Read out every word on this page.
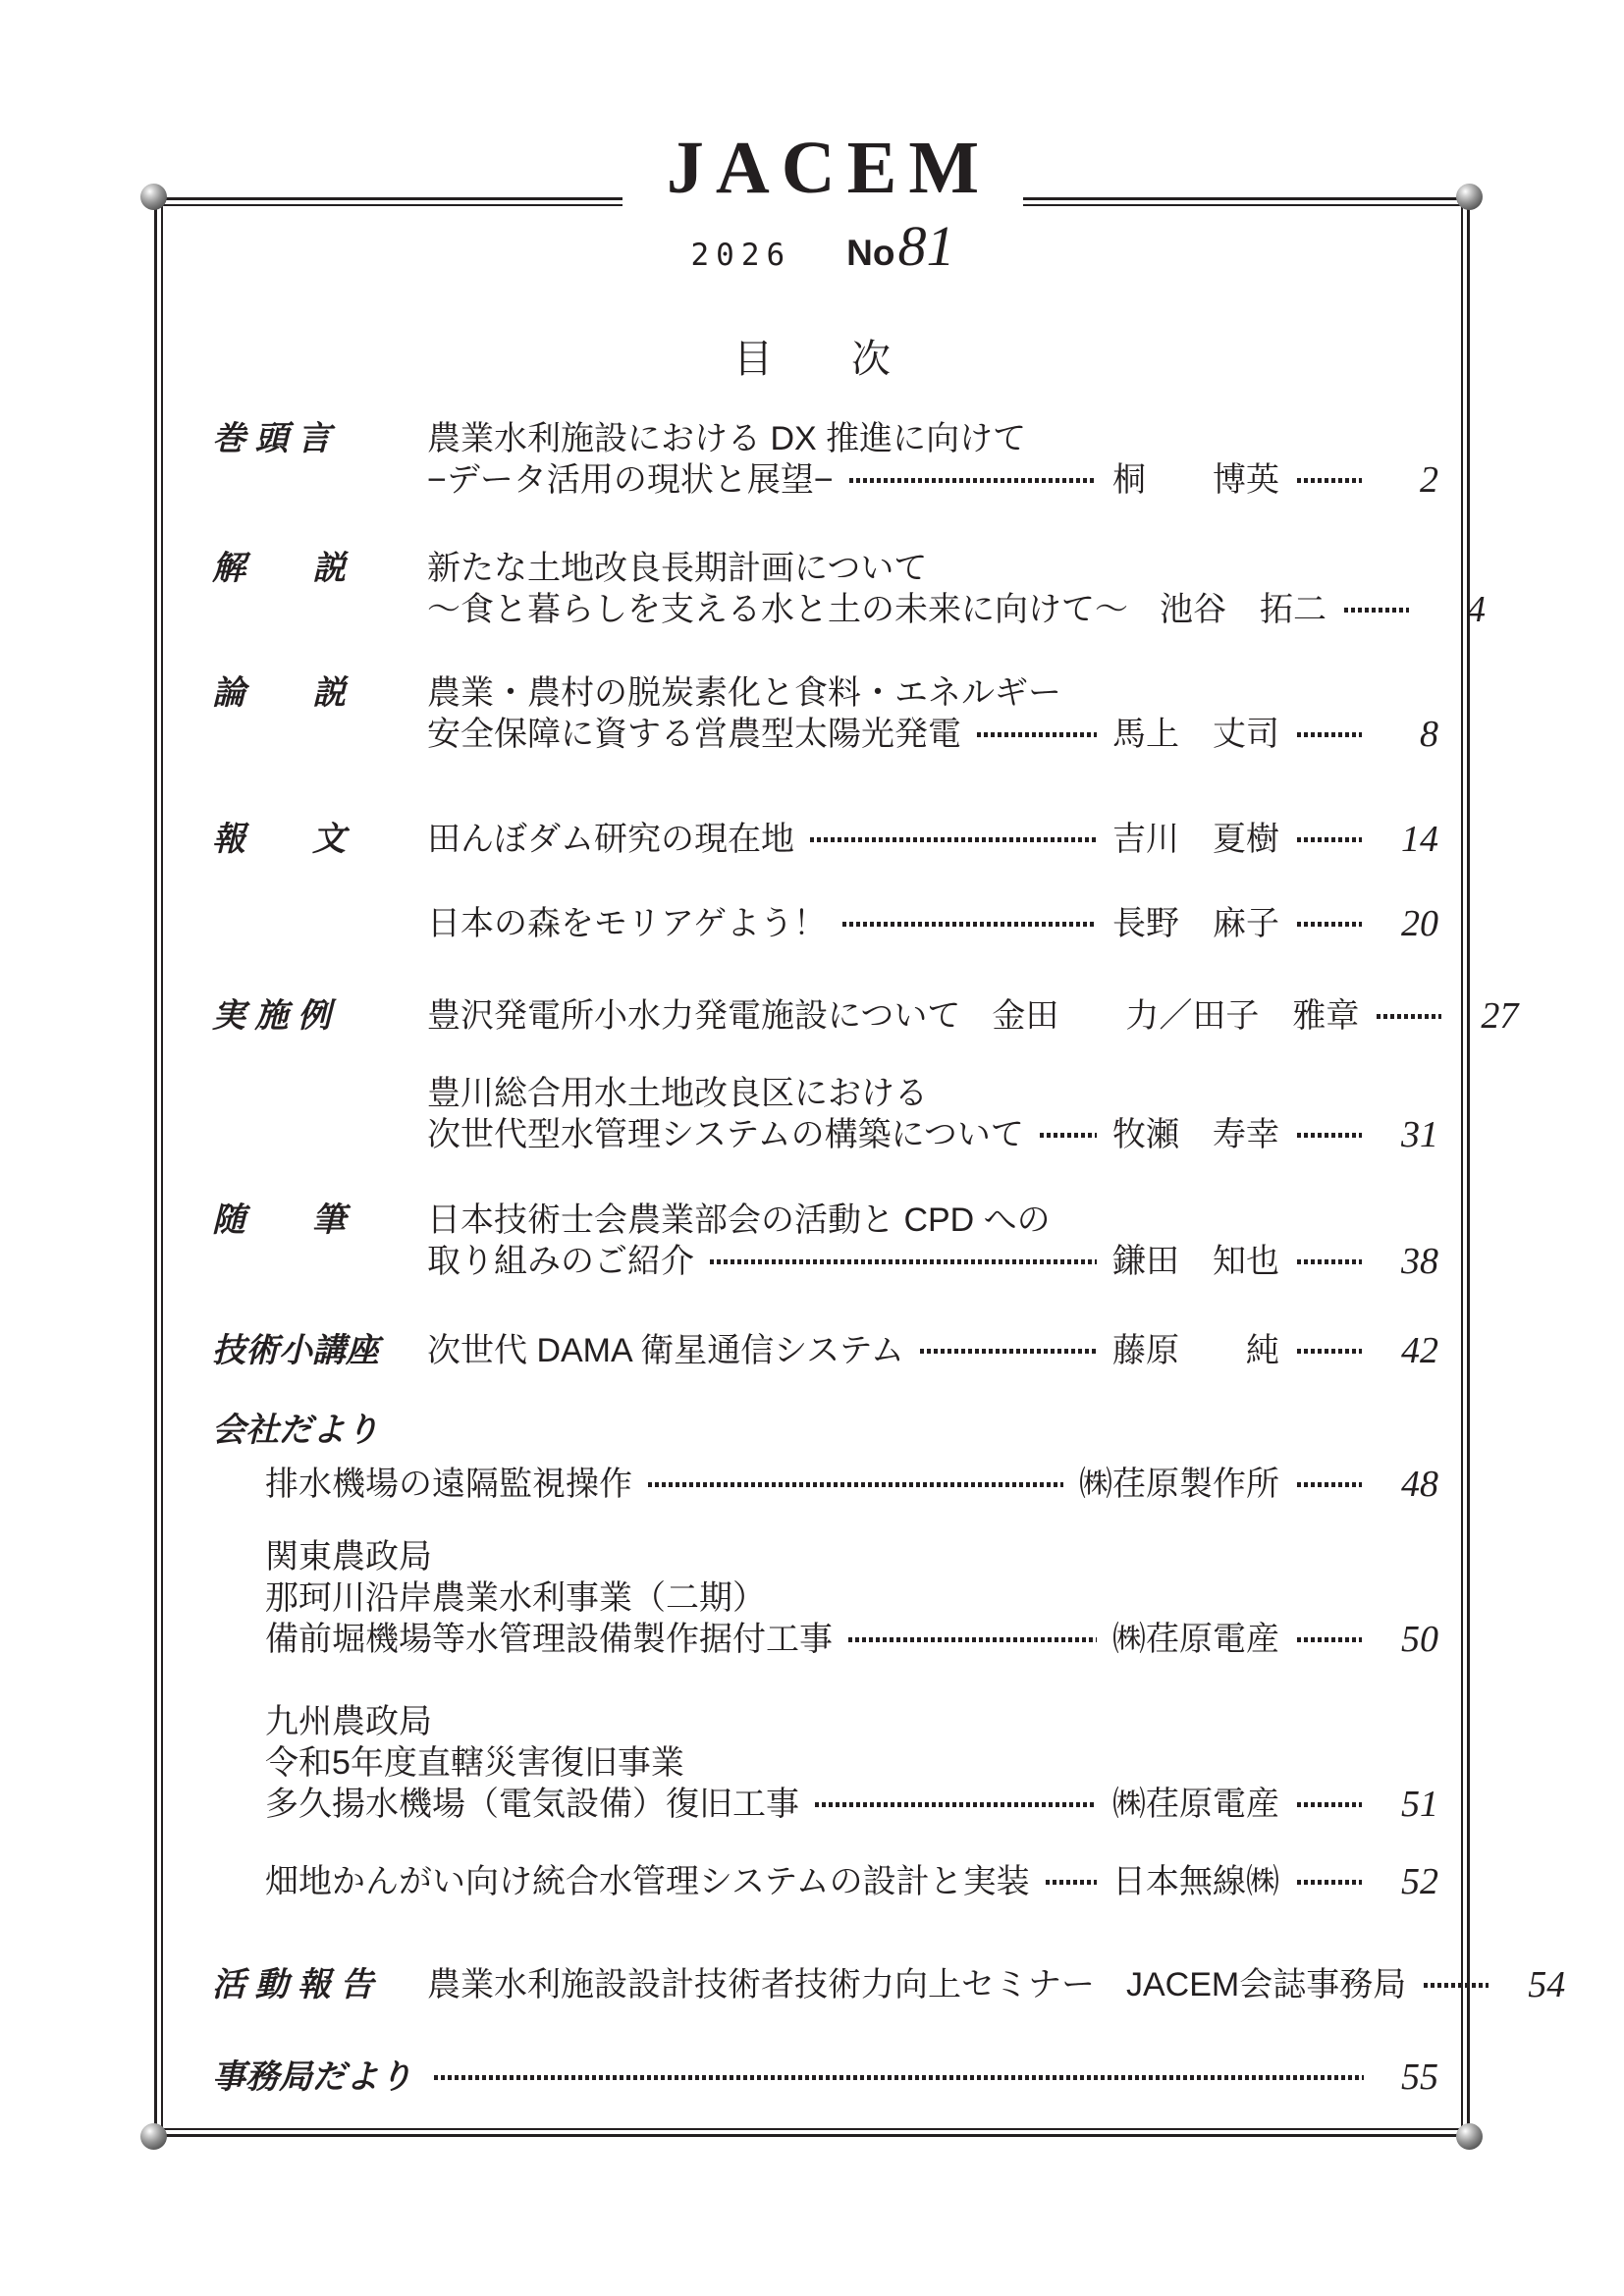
JACEM
2026 No 81
目　　次
巻 頭 言	農業水利施設における DX 推進に向けて
−データ活用の現状と展望−	桐　　博英	2
解　　説	新たな土地改良長期計画について
～食と暮らしを支える水と土の未来に向けて～ 池谷　拓二	4
論　　説	農業・農村の脱炭素化と食料・エネルギー
安全保障に資する営農型太陽光発電	馬上　丈司	8
報　　文	田んぼダム研究の現在地	吉川　夏樹	14
日本の森をモリアゲよう！	長野　麻子	20
実 施 例	豊沢発電所小水力発電施設について 金田　　力／田子　雅章	27
豊川総合用水土地改良区における
次世代型水管理システムの構築について	牧瀬　寿幸	31
随　　筆	日本技術士会農業部会の活動と CPD への
取り組みのご紹介	鎌田　知也	38
技術小講座	次世代 DAMA 衛星通信システム	藤原　　純	42
会社だより
排水機場の遠隔監視操作	㈱荏原製作所	48
関東農政局
那珂川沿岸農業水利事業（二期）
備前堀機場等水管理設備製作据付工事	㈱荏原電産	50
九州農政局
令和5年度直轄災害復旧事業
多久揚水機場（電気設備）復旧工事	㈱荏原電産	51
畑地かんがい向け統合水管理システムの設計と実装 日本無線㈱	52
活 動 報 告	農業水利施設設計技術者技術力向上セミナー JACEM会誌事務局	54
事務局だより	55
